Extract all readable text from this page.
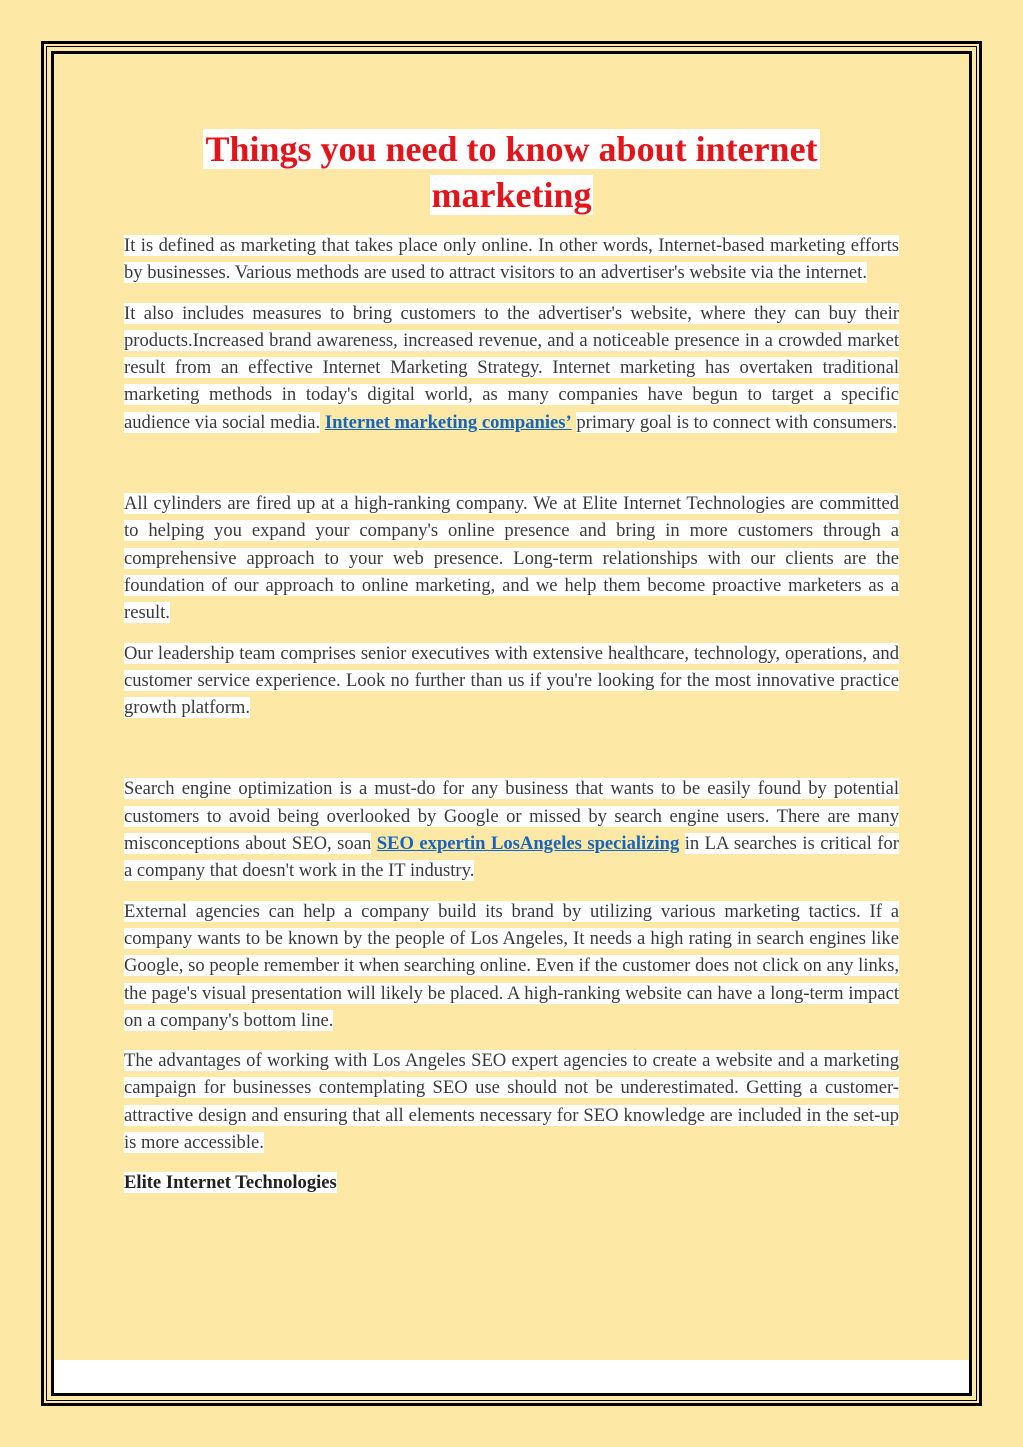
Things you need to know about internet
marketing

It is defined as marketing that takes place only online. In other words, Internet-based marketing efforts by businesses. Various methods are used to attract visitors to an advertiser's website via the internet.

It also includes measures to bring customers to the advertiser's website, where they can buy their products.Increased brand awareness, increased revenue, and a noticeable presence in a crowded market result from an effective Internet Marketing Strategy. Internet marketing has overtaken traditional marketing methods in today's digital world, as many companies have begun to target a specific audience via social media. Internet marketing companies’ primary goal is to connect with consumers.

All cylinders are fired up at a high-ranking company. We at Elite Internet Technologies are committed to helping you expand your company's online presence and bring in more customers through a comprehensive approach to your web presence. Long-term relationships with our clients are the foundation of our approach to online marketing, and we help them become proactive marketers as a result.

Our leadership team comprises senior executives with extensive healthcare, technology, operations, and customer service experience. Look no further than us if you're looking for the most innovative practice growth platform.

Search engine optimization is a must-do for any business that wants to be easily found by potential customers to avoid being overlooked by Google or missed by search engine users. There are many misconceptions about SEO, soan SEO expertin LosAngeles specializing in LA searches is critical for a company that doesn't work in the IT industry.

External agencies can help a company build its brand by utilizing various marketing tactics. If a company wants to be known by the people of Los Angeles, It needs a high rating in search engines like Google, so people remember it when searching online. Even if the customer does not click on any links, the page's visual presentation will likely be placed. A high-ranking website can have a long-term impact on a company's bottom line.

The advantages of working with Los Angeles SEO expert agencies to create a website and a marketing campaign for businesses contemplating SEO use should not be underestimated. Getting a customer-attractive design and ensuring that all elements necessary for SEO knowledge are included in the set-up is more accessible.

Elite Internet Technologies
